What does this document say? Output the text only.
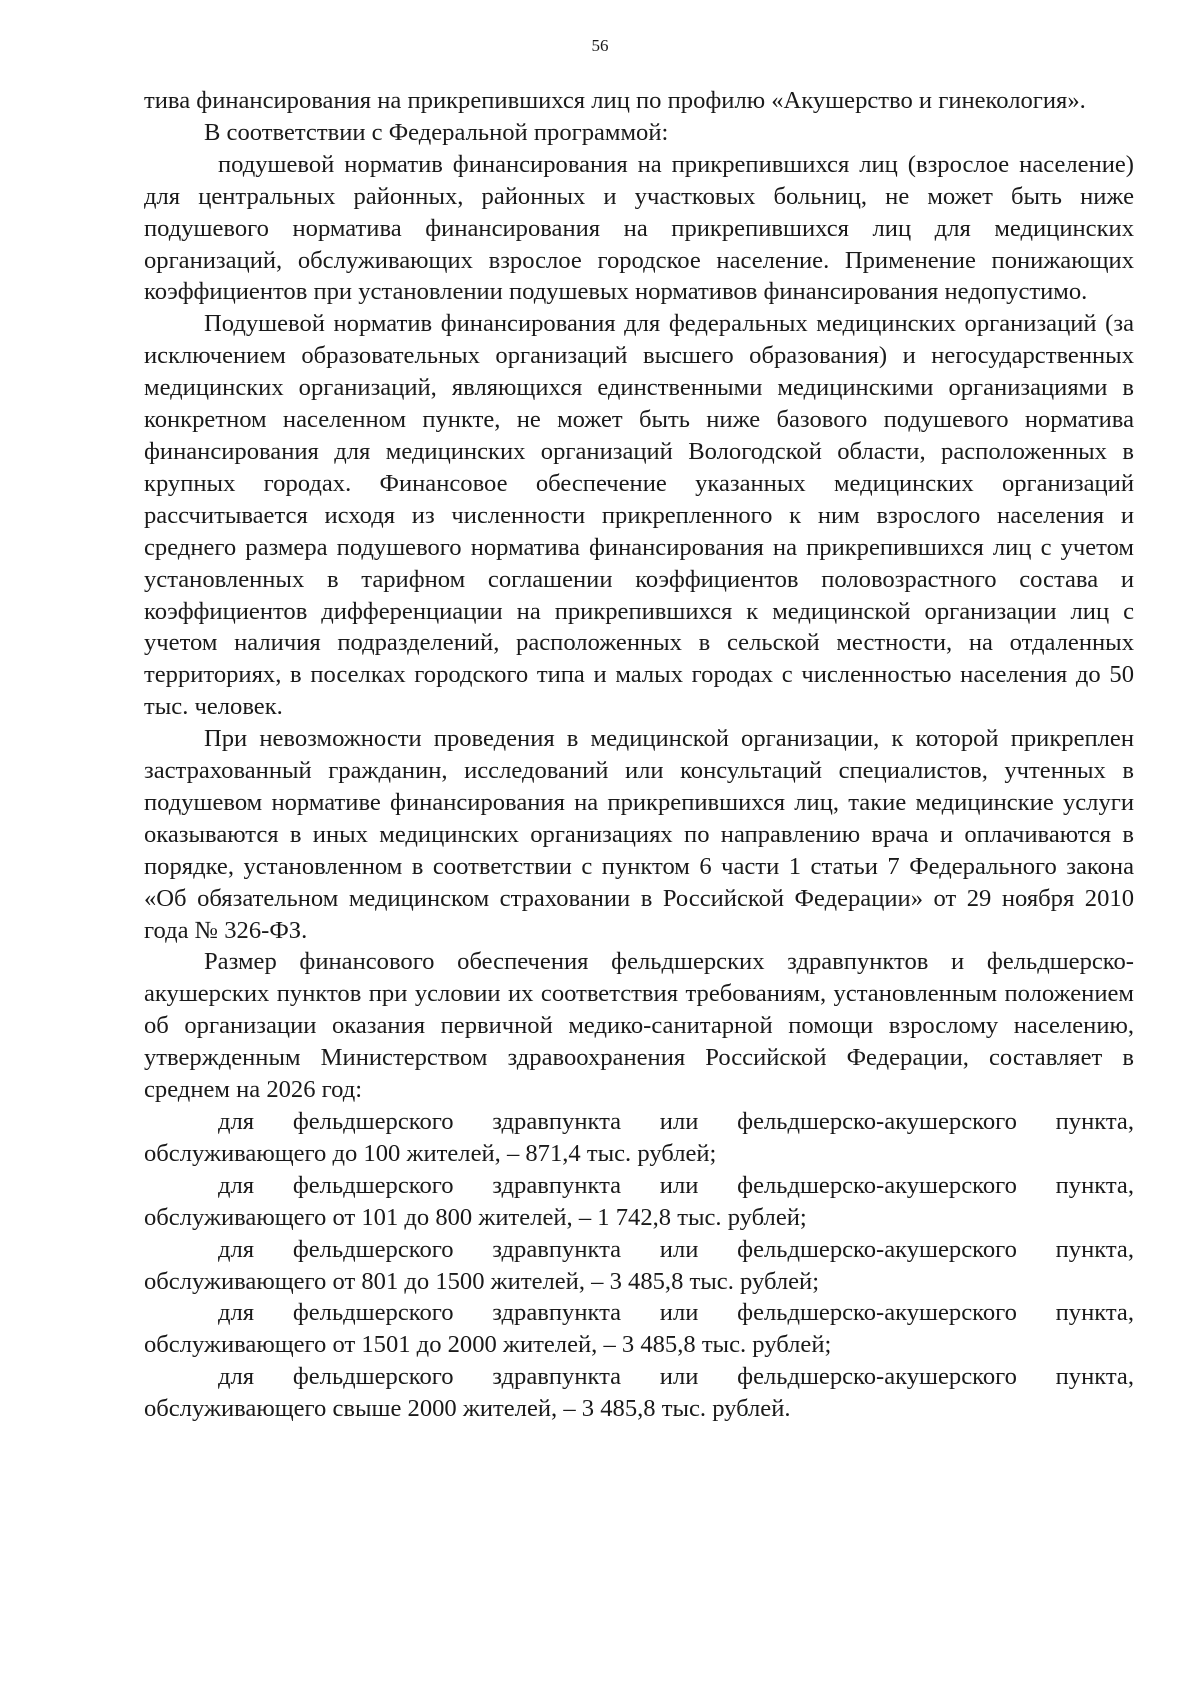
56

тива финансирования на прикрепившихся лиц по профилю «Акушерство и гинекология».

В соответствии с Федеральной программой:

подушевой норматив финансирования на прикрепившихся лиц (взрослое население) для центральных районных, районных и участковых больниц, не может быть ниже подушевого норматива финансирования на прикрепившихся лиц для медицинских организаций, обслуживающих взрослое городское население. Применение понижающих коэффициентов при установлении подушевых нормативов финансирования недопустимо.

Подушевой норматив финансирования для федеральных медицинских организаций (за исключением образовательных организаций высшего образования) и негосударственных медицинских организаций, являющихся единственными медицинскими организациями в конкретном населенном пункте, не может быть ниже базового подушевого норматива финансирования для медицинских организаций Вологодской области, расположенных в крупных городах. Финансовое обеспечение указанных медицинских организаций рассчитывается исходя из численности прикрепленного к ним взрослого населения и среднего размера подушевого норматива финансирования на прикрепившихся лиц с учетом установленных в тарифном соглашении коэффициентов половозрастного состава и коэффициентов дифференциации на прикрепившихся к медицинской организации лиц с учетом наличия подразделений, расположенных в сельской местности, на отдаленных территориях, в поселках городского типа и малых городах с численностью населения до 50 тыс. человек.

При невозможности проведения в медицинской организации, к которой прикреплен застрахованный гражданин, исследований или консультаций специалистов, учтенных в подушевом нормативе финансирования на прикрепившихся лиц, такие медицинские услуги оказываются в иных медицинских организациях по направлению врача и оплачиваются в порядке, установленном в соответствии с пунктом 6 части 1 статьи 7 Федерального закона «Об обязательном медицинском страховании в Российской Федерации» от 29 ноября 2010 года № 326-ФЗ.

Размер финансового обеспечения фельдшерских здравпунктов и фельдшерско-акушерских пунктов при условии их соответствия требованиям, установленным положением об организации оказания первичной медико-санитарной помощи взрослому населению, утвержденным Министерством здравоохранения Российской Федерации, составляет в среднем на 2026 год:

для фельдшерского здравпункта или фельдшерско-акушерского пункта, обслуживающего до 100 жителей, – 871,4 тыс. рублей;

для фельдшерского здравпункта или фельдшерско-акушерского пункта, обслуживающего от 101 до 800 жителей, – 1 742,8 тыс. рублей;

для фельдшерского здравпункта или фельдшерско-акушерского пункта, обслуживающего от 801 до 1500 жителей, – 3 485,8 тыс. рублей;

для фельдшерского здравпункта или фельдшерско-акушерского пункта, обслуживающего от 1501 до 2000 жителей, – 3 485,8 тыс. рублей;

для фельдшерского здравпункта или фельдшерско-акушерского пункта, обслуживающего свыше 2000 жителей, – 3 485,8 тыс. рублей.
